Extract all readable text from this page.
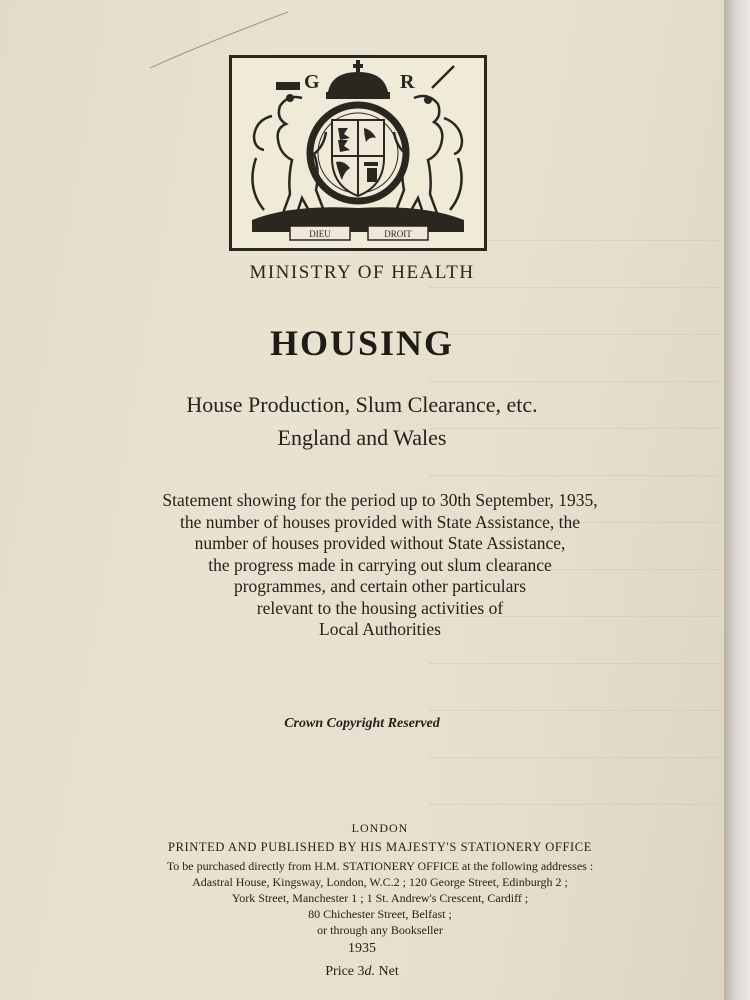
G	R
DIEU	DROIT
MINISTRY OF HEALTH
HOUSING
House Production, Slum Clearance, etc.
England and Wales
Statement showing for the period up to 30th September, 1935,
the number of houses provided with State Assistance, the
number of houses provided without State Assistance,
the progress made in carrying out slum clearance
programmes, and certain other particulars
relevant to the housing activities of
Local Authorities
Crown Copyright Reserved
LONDON
PRINTED AND PUBLISHED BY HIS MAJESTY'S STATIONERY OFFICE
To be purchased directly from H.M. STATIONERY OFFICE at the following addresses :
Adastral House, Kingsway, London, W.C.2 ; 120 George Street, Edinburgh 2 ;
York Street, Manchester 1 ; 1 St. Andrew's Crescent, Cardiff ;
80 Chichester Street, Belfast ;
or through any Bookseller
1935
Price 3d. Net
